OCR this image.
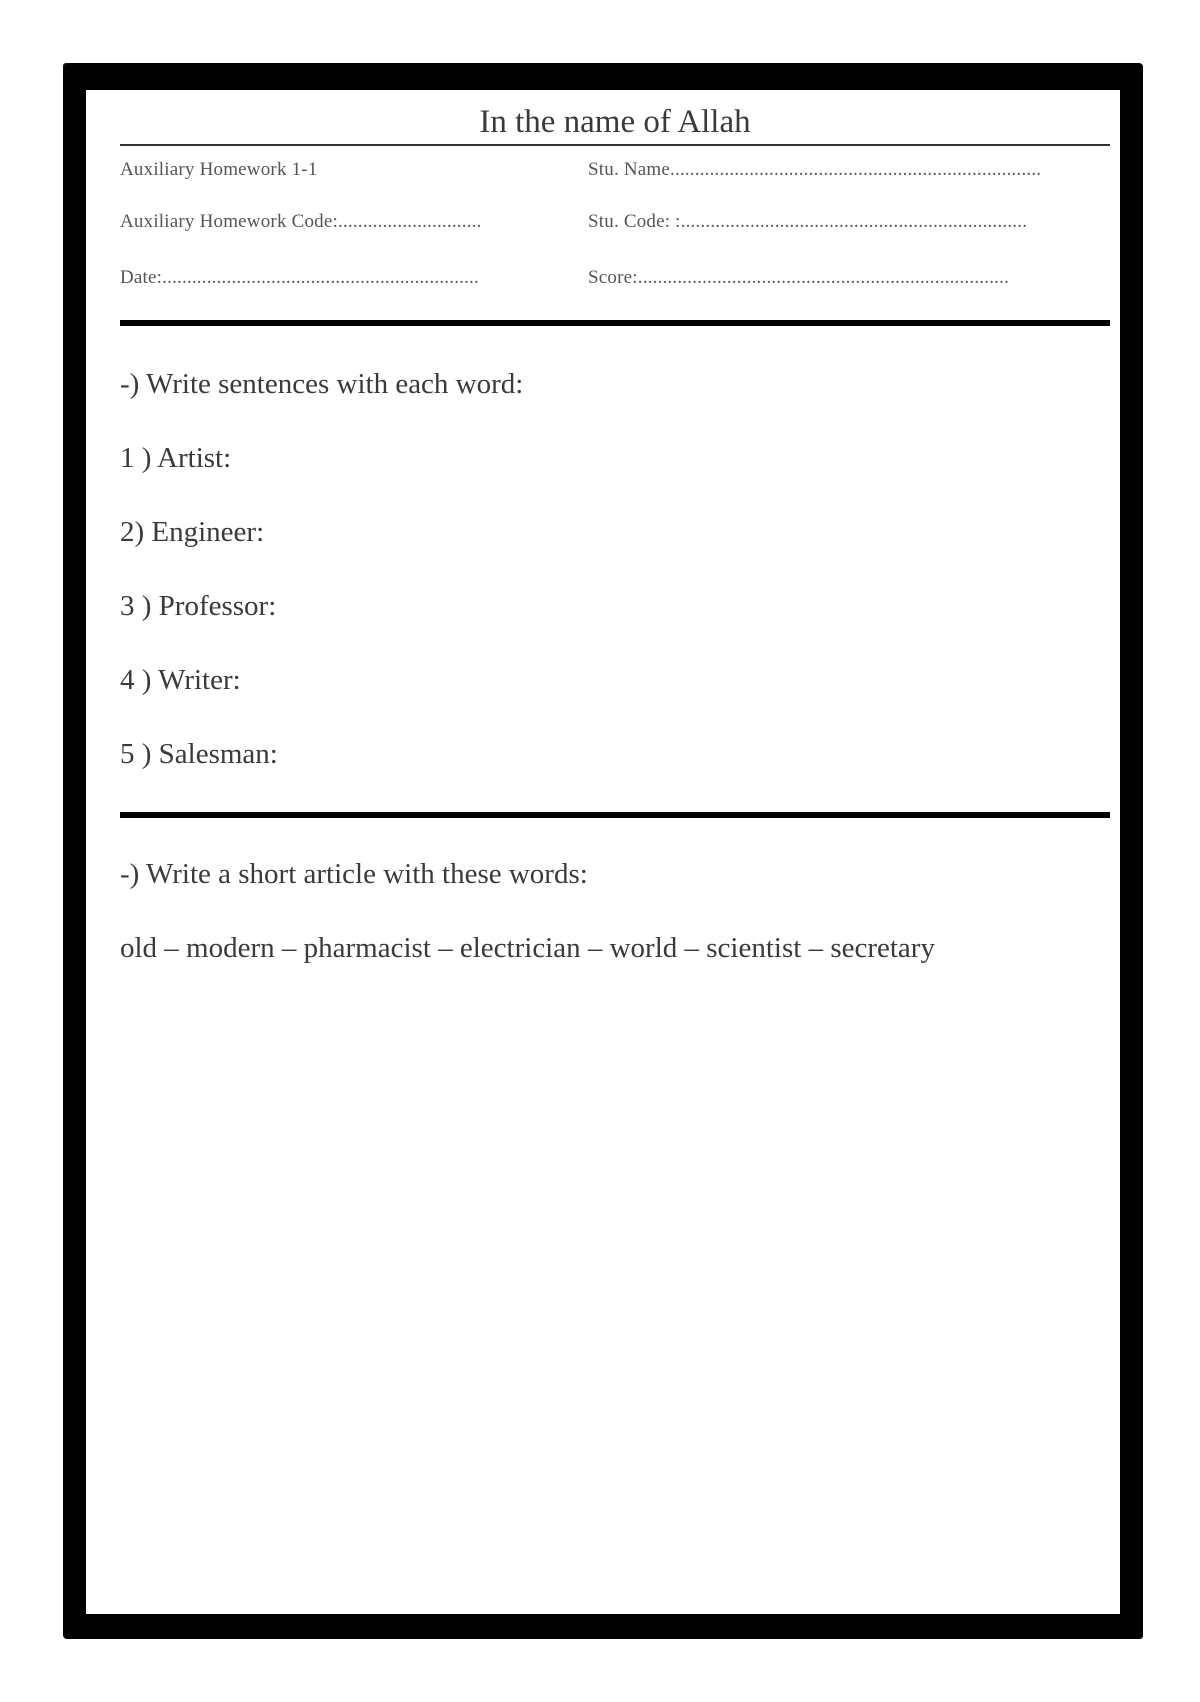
In the name of Allah
Auxiliary Homework 1-1	Stu. Name...........................................................................
Auxiliary Homework Code:.............................	Stu. Code: :......................................................................
Date:................................................................	Score:...........................................................................

-) Write sentences with each word:

1 ) Artist:

2) Engineer:

3 ) Professor:

4 ) Writer:

5 ) Salesman:

-) Write a short article with these words:

old – modern – pharmacist – electrician – world – scientist – secretary
